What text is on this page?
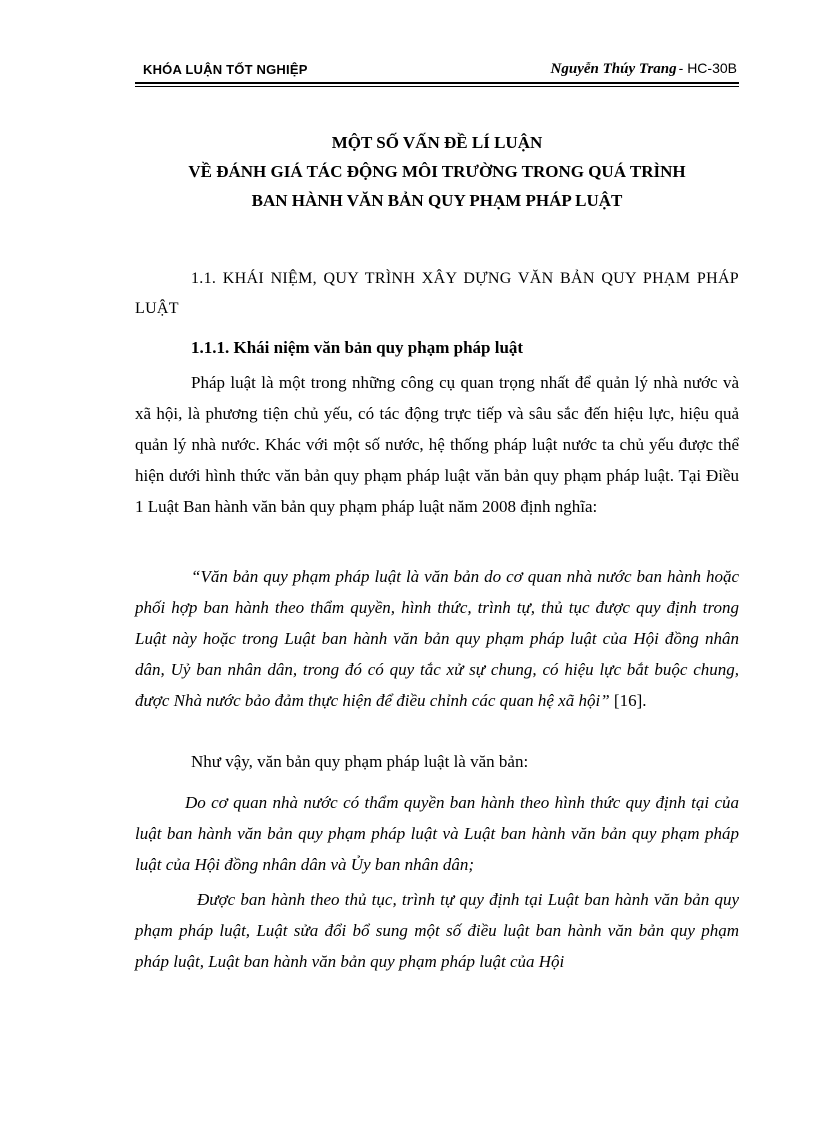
KHÓA LUẬN TỐT NGHIỆP	Nguyễn Thúy Trang - HC-30B
MỘT SỐ VẤN ĐỀ LÍ LUẬN
VỀ ĐÁNH GIÁ TÁC ĐỘNG MÔI TRƯỜNG TRONG QUÁ TRÌNH
BAN HÀNH VĂN BẢN QUY PHẠM PHÁP LUẬT
1.1. KHÁI NIỆM, QUY TRÌNH XÂY DỰNG VĂN BẢN QUY PHẠM PHÁP LUẬT
1.1.1. Khái niệm văn bản quy phạm pháp luật
Pháp luật là một trong những công cụ quan trọng nhất để quản lý nhà nước và xã hội, là phương tiện chủ yếu, có tác động trực tiếp và sâu sắc đến hiệu lực, hiệu quả quản lý nhà nước. Khác với một số nước, hệ thống pháp luật nước ta chủ yếu được thể hiện dưới hình thức văn bản quy phạm pháp luật văn bản quy phạm pháp luật. Tại Điều 1 Luật Ban hành văn bản quy phạm pháp luật năm 2008 định nghĩa:
“Văn bản quy phạm pháp luật là văn bản do cơ quan nhà nước ban hành hoặc phối hợp ban hành theo thẩm quyền, hình thức, trình tự, thủ tục được quy định trong Luật này hoặc trong Luật ban hành văn bản quy phạm pháp luật của Hội đồng nhân dân, Uỷ ban nhân dân, trong đó có quy tắc xử sự chung, có hiệu lực bắt buộc chung, được Nhà nước bảo đảm thực hiện để điều chỉnh các quan hệ xã hội” [16].
Như vậy, văn bản quy phạm pháp luật là văn bản:
Do cơ quan nhà nước có thẩm quyền ban hành theo hình thức quy định tại của luật ban hành văn bản quy phạm pháp luật và Luật ban hành văn bản quy phạm pháp luật của Hội đồng nhân dân và Ủy ban nhân dân;
Được ban hành theo thủ tục, trình tự quy định tại Luật ban hành văn bản quy phạm pháp luật, Luật sửa đổi bổ sung một số điều luật ban hành văn bản quy phạm pháp luật, Luật ban hành văn bản quy phạm pháp luật của Hội
